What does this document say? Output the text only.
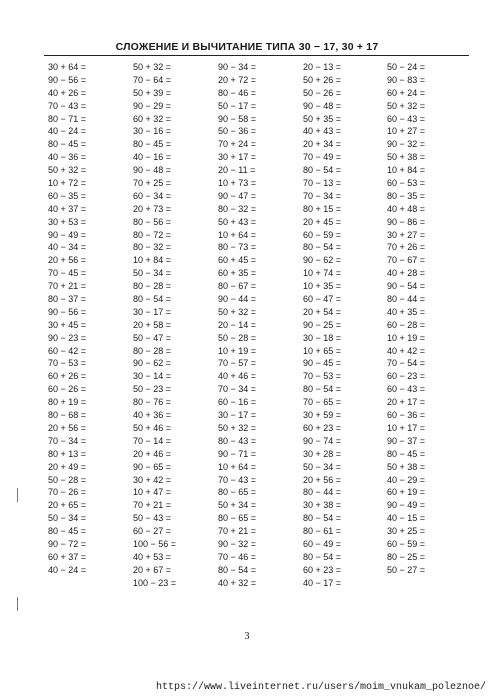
СЛОЖЕНИЕ И ВЫЧИТАНИЕ ТИПА 30 − 17, 30 + 17
30 + 64 =
90 − 56 =
40 + 26 =
70 − 43 =
80 − 71 =
40 − 24 =
80 − 45 =
40 − 36 =
50 + 32 =
10 + 72 =
60 − 35 =
40 + 37 =
30 + 53 =
90 − 49 =
40 − 34 =
20 + 56 =
70 − 45 =
70 + 21 =
80 − 37 =
90 − 56 =
30 + 45 =
90 − 23 =
60 − 42 =
70 − 53 =
60 + 26 =
60 − 26 =
80 + 19 =
80 − 68 =
20 + 56 =
70 − 34 =
80 + 13 =
20 + 49 =
50 − 28 =
70 − 26 =
20 + 65 =
50 − 34 =
80 − 45 =
90 − 72 =
60 + 37 =
40 − 24 =
50 + 32 =
70 − 64 =
50 + 39 =
90 − 29 =
60 + 32 =
30 − 16 =
80 − 45 =
40 − 16 =
90 − 48 =
70 + 25 =
60 − 34 =
20 + 73 =
80 − 56 =
80 − 72 =
80 − 32 =
10 + 84 =
50 − 34 =
80 − 28 =
80 − 54 =
30 − 17 =
20 + 58 =
50 − 47 =
80 − 28 =
90 − 62 =
30 − 14 =
50 − 23 =
80 − 76 =
40 + 36 =
50 + 46 =
70 − 14 =
20 + 46 =
90 − 65 =
30 + 42 =
10 + 47 =
70 + 21 =
50 − 43 =
60 − 27 =
100 − 56 =
40 + 53 =
20 + 67 =
100 − 23 =
90 − 34 =
20 + 72 =
80 − 46 =
50 − 17 =
90 − 58 =
50 − 36 =
70 + 24 =
30 + 17 =
20 − 11 =
10 + 73 =
90 − 47 =
80 − 32 =
50 + 43 =
10 + 64 =
80 − 73 =
60 + 45 =
60 + 35 =
80 − 67 =
90 − 44 =
50 + 32 =
20 − 14 =
50 − 28 =
10 + 19 =
70 − 57 =
40 + 46 =
70 − 34 =
60 − 16 =
30 − 17 =
50 + 32 =
80 − 43 =
90 − 71 =
10 + 64 =
70 − 43 =
80 − 65 =
50 + 34 =
80 − 65 =
70 + 21 =
90 − 32 =
70 − 46 =
80 − 54 =
40 + 32 =
20 − 13 =
50 + 26 =
50 − 26 =
90 − 48 =
50 + 35 =
40 + 43 =
20 + 34 =
70 − 49 =
80 − 54 =
70 − 13 =
70 − 34 =
80 + 15 =
20 + 45 =
60 − 59 =
80 − 54 =
90 − 62 =
10 + 74 =
10 + 35 =
60 − 47 =
20 + 54 =
90 − 25 =
30 − 18 =
10 + 65 =
90 − 45 =
70 − 53 =
80 − 54 =
70 − 65 =
30 + 59 =
60 + 23 =
90 − 74 =
30 + 28 =
50 − 34 =
20 + 56 =
80 − 44 =
30 + 38 =
80 − 54 =
80 − 61 =
60 − 49 =
80 − 54 =
60 + 23 =
40 − 17 =
50 − 24 =
90 − 83 =
60 + 24 =
50 + 32 =
60 − 43 =
10 + 27 =
90 − 32 =
50 + 38 =
10 + 84 =
60 − 53 =
80 − 35 =
40 + 48 =
90 − 86 =
30 + 27 =
70 + 26 =
70 − 67 =
40 + 28 =
90 − 54 =
80 − 44 =
40 + 35 =
60 − 28 =
10 + 19 =
40 + 42 =
70 − 54 =
60 − 23 =
60 − 43 =
20 + 17 =
60 − 36 =
10 + 17 =
90 − 37 =
80 − 45 =
50 + 38 =
40 − 29 =
60 + 19 =
90 − 49 =
40 − 15 =
30 + 25 =
60 − 59 =
80 − 25 =
50 − 27 =
3
https://www.liveinternet.ru/users/moim_vnukam_poleznoe/
